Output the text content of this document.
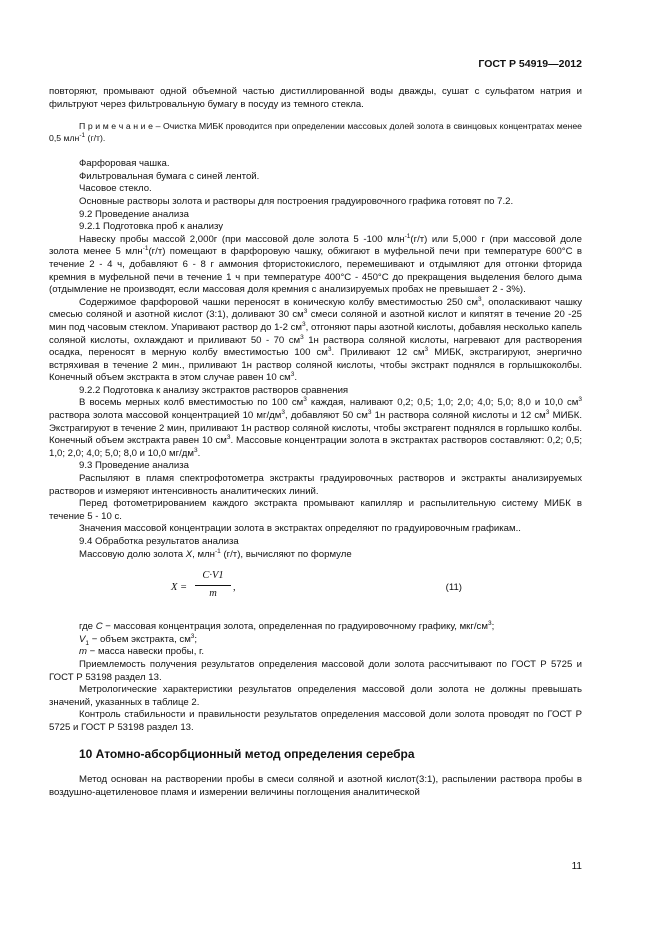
ГОСТ Р 54919—2012

повторяют, промывают одной объемной частью дистиллированной воды дважды, сушат с сульфатом натрия и фильтруют через фильтровальную бумагу в посуду из темного стекла.

П р и м е ч а н и е – Очистка МИБК проводится при определении массовых долей золота в свинцовых концентратах менее 0,5 млн$^{-1}$ (г/т).

Фарфоровая чашка.

Фильтровальная бумага с синей лентой.

Часовое стекло.

Основные растворы золота и растворы для построения градуировочного графика готовят по 7.2.

9.2 Проведение анализа

9.2.1 Подготовка проб к анализу

Навеску пробы массой 2,000г (при массовой доле золота 5 -100 млн$^{-1}$(г/т) или 5,000 г (при массовой доле золота менее 5 млн$^{-1}$(г/т) помещают в фарфоровую чашку, обжигают в муфельной печи при температуре 600°С в течение 2 - 4 ч, добавляют 6 - 8 г аммония фтористокислого, перемешивают и отдымляют для отгонки фторида кремния в муфельной печи в течение 1 ч при температуре 400°С - 450°С до прекращения выделения белого дыма (отдымление не производят, если массовая доля кремния с анализируемых пробах не превышает 2 - 3%).

Содержимое фарфоровой чашки переносят в коническую колбу вместимостью 250 $см^3$, ополаскивают чашку смесью соляной и азотной кислот (3:1), доливают 30 $см^3$ смеси соляной и азотной кислот и кипятят в течение 20 -25 мин под часовым стеклом. Упаривают раствор до 1-2 $см^3$, отгоняют пары азотной кислоты, добавляя несколько капель соляной кислоты, охлаждают и приливают 50 - 70 $см^3$ 1н раствора соляной кислоты, нагревают для растворения осадка, переносят в мерную колбу вместимостью 100 $см^3$. Приливают 12 $см^3$ МИБК, экстрагируют, энергично встряхивая в течение 2 мин., приливают 1н раствор соляной кислоты, чтобы экстракт поднялся в горлышкоколбы. Конечный объем экстракта в этом случае равен 10 $см^3$.

9.2.2 Подготовка к анализу экстрактов растворов сравнения

В восемь мерных колб вместимостью по 100 $см^3$ каждая, наливают 0,2; 0,5; 1,0; 2,0; 4,0; 5,0; 8,0 и 10,0 $см^3$ раствора золота массовой концентрацией 10 $мг/дм^3$, добавляют 50 $см^3$ 1н раствора соляной кислоты и 12 $см^3$ МИБК. Экстрагируют в течение 2 мин, приливают 1н раствор соляной кислоты, чтобы экстрагент поднялся в горлышко колбы. Конечный объем экстракта равен 10 $см^3$. Массовые концентрации золота в экстрактах растворов составляют: 0,2; 0,5; 1,0; 2,0; 4,0; 5,0; 8,0 и 10,0 $мг/дм^3$.

9.3 Проведение анализа

Распыляют в пламя спектрофотометра экстракты градуировочных растворов и экстракты анализируемых растворов и измеряют интенсивность аналитических линий.

Перед фотометрированием каждого экстракта промывают капилляр и распылительную систему МИБК в течение 5 - 10 с.

Значения массовой концентрации золота в экстрактах определяют по градуировочным графикам..

9.4 Обработка результатов анализа

Массовую долю золота X, млн$^{-1}$ (г/т), вычисляют по формуле

$X = \frac{C\cdot V1}{m}$ ,	(11)

где C − массовая концентрация золота, определенная по градуировочному графику, мкг/$см^3$;

$V_1$ − объем экстракта, $см^3$;

m − масса навески пробы, г.

Приемлемость получения результатов определения массовой доли золота рассчитывают по ГОСТ Р 5725 и ГОСТ Р 53198 раздел 13.

Метрологические характеристики результатов определения массовой доли золота не должны превышать значений, указанных в таблице 2.

Контроль стабильности и правильности результатов определения массовой доли золота проводят по ГОСТ Р 5725 и ГОСТ Р 53198 раздел 13.

10 Атомно-абсорбционный метод определения серебра

Метод основан на растворении пробы в смеси соляной и азотной кислот(3:1), распылении раствора пробы в воздушно-ацетиленовое пламя и измерении величины поглощения аналитической

11
